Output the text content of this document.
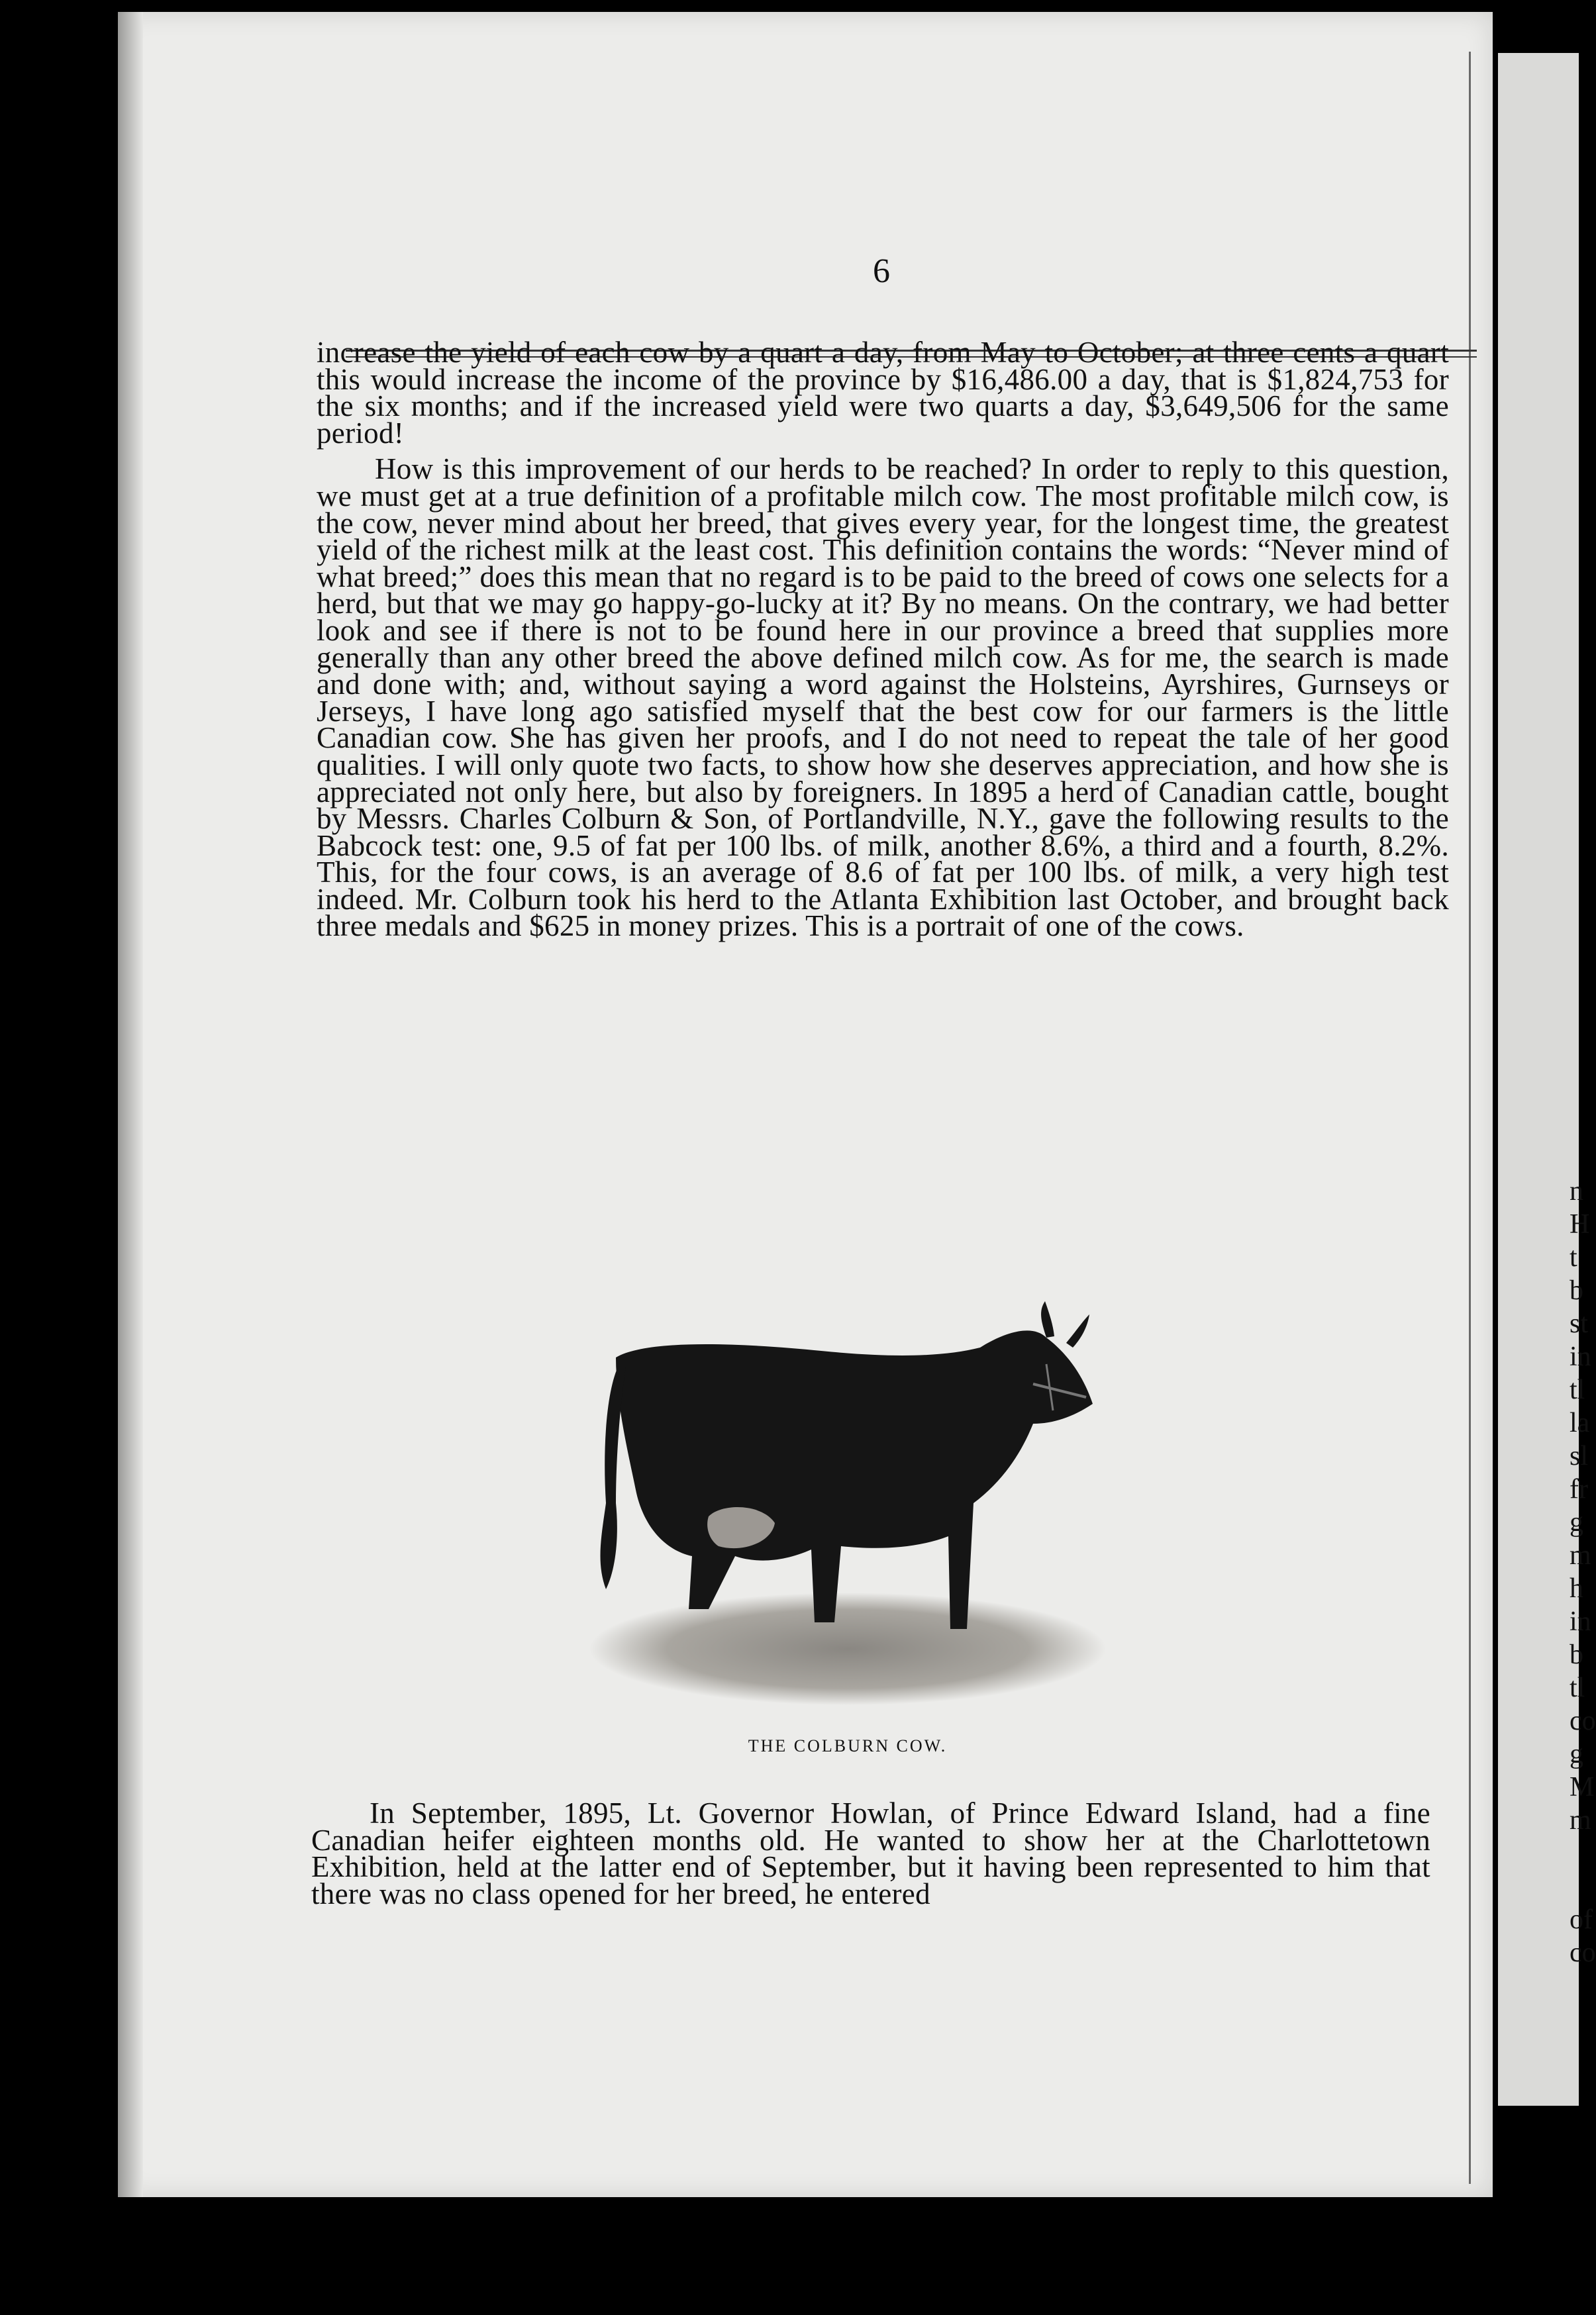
n
H
t
b
st
in
tl
la
sl
fr
g
m
h
in
b
tl
co
g
M
m
of
co
6

increase the yield of each cow by a quart a day, from May to October; at three cents a quart this would increase the income of the province by $16,486.00 a day, that is $1,824,753 for the six months; and if the increased yield were two quarts a day, $3,649,506 for the same period!

How is this improvement of our herds to be reached? In order to reply to this question, we must get at a true definition of a profitable milch cow. The most profitable milch cow, is the cow, never mind about her breed, that gives every year, for the longest time, the greatest yield of the richest milk at the least cost. This definition contains the words: “Never mind of what breed;” does this mean that no regard is to be paid to the breed of cows one selects for a herd, but that we may go happy-go-lucky at it? By no means. On the contrary, we had better look and see if there is not to be found here in our province a breed that supplies more generally than any other breed the above defined milch cow. As for me, the search is made and done with; and, without saying a word against the Holsteins, Ayrshires, Gurnseys or Jerseys, I have long ago satisfied myself that the best cow for our farmers is the little Canadian cow. She has given her proofs, and I do not need to repeat the tale of her good qualities. I will only quote two facts, to show how she deserves appreciation, and how she is appreciated not only here, but also by foreigners. In 1895 a herd of Canadian cattle, bought by Messrs. Charles Colburn & Son, of Portlandville, N.Y., gave the following results to the Babcock test: one, 9.5 of fat per 100 lbs. of milk, another 8.6%, a third and a fourth, 8.2%. This, for the four cows, is an average of 8.6 of fat per 100 lbs. of milk, a very high test indeed. Mr. Colburn took his herd to the Atlanta Exhibition last October, and brought back three medals and $625 in money prizes. This is a portrait of one of the cows.

THE COLBURN COW.

In September, 1895, Lt. Governor Howlan, of Prince Edward Island, had a fine Canadian heifer eighteen months old. He wanted to show her at the Charlottetown Exhibition, held at the latter end of September, but it having been represented to him that there was no class opened for her breed, he entered
